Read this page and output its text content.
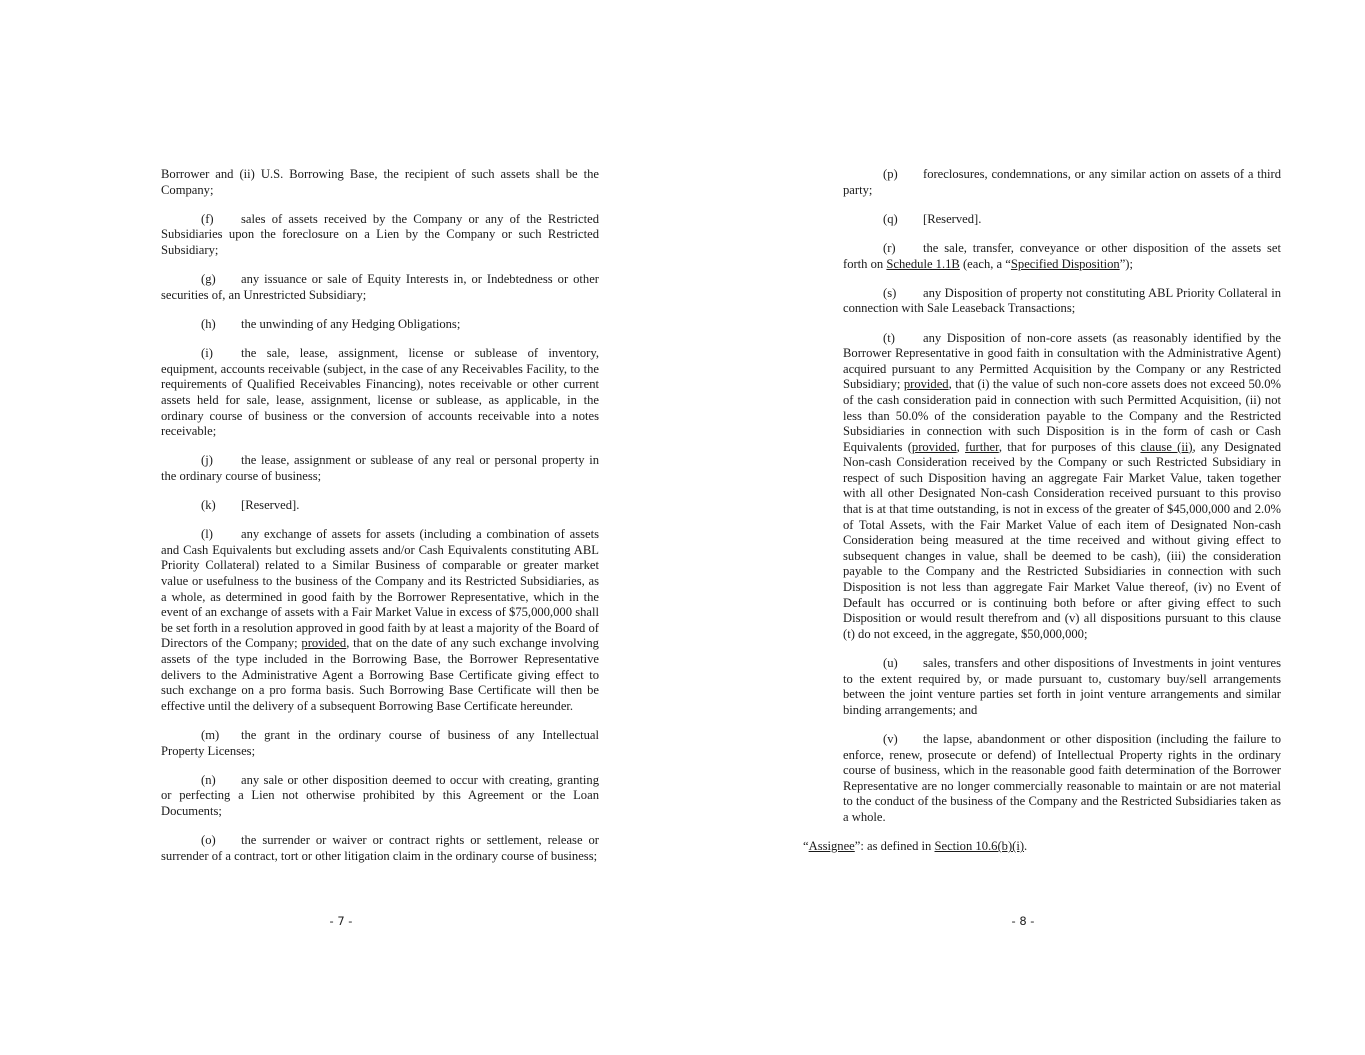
Borrower and (ii) U.S. Borrowing Base, the recipient of such assets shall be the Company;

(f) sales of assets received by the Company or any of the Restricted Subsidiaries upon the foreclosure on a Lien by the Company or such Restricted Subsidiary;

(g) any issuance or sale of Equity Interests in, or Indebtedness or other securities of, an Unrestricted Subsidiary;

(h) the unwinding of any Hedging Obligations;

(i) the sale, lease, assignment, license or sublease of inventory, equipment, accounts receivable (subject, in the case of any Receivables Facility, to the requirements of Qualified Receivables Financing), notes receivable or other current assets held for sale, lease, assignment, license or sublease, as applicable, in the ordinary course of business or the conversion of accounts receivable into a notes receivable;

(j) the lease, assignment or sublease of any real or personal property in the ordinary course of business;

(k) [Reserved].

(l) any exchange of assets for assets (including a combination of assets and Cash Equivalents but excluding assets and/or Cash Equivalents constituting ABL Priority Collateral) related to a Similar Business of comparable or greater market value or usefulness to the business of the Company and its Restricted Subsidiaries, as a whole, as determined in good faith by the Borrower Representative, which in the event of an exchange of assets with a Fair Market Value in excess of $75,000,000 shall be set forth in a resolution approved in good faith by at least a majority of the Board of Directors of the Company; provided, that on the date of any such exchange involving assets of the type included in the Borrowing Base, the Borrower Representative delivers to the Administrative Agent a Borrowing Base Certificate giving effect to such exchange on a pro forma basis. Such Borrowing Base Certificate will then be effective until the delivery of a subsequent Borrowing Base Certificate hereunder.

(m) the grant in the ordinary course of business of any Intellectual Property Licenses;

(n) any sale or other disposition deemed to occur with creating, granting or perfecting a Lien not otherwise prohibited by this Agreement or the Loan Documents;

(o) the surrender or waiver or contract rights or settlement, release or surrender of a contract, tort or other litigation claim in the ordinary course of business;

- 7 -

(p) foreclosures, condemnations, or any similar action on assets of a third party;

(q) [Reserved].

(r) the sale, transfer, conveyance or other disposition of the assets set forth on Schedule 1.1B (each, a “Specified Disposition”);

(s) any Disposition of property not constituting ABL Priority Collateral in connection with Sale Leaseback Transactions;

(t) any Disposition of non-core assets (as reasonably identified by the Borrower Representative in good faith in consultation with the Administrative Agent) acquired pursuant to any Permitted Acquisition by the Company or any Restricted Subsidiary; provided, that (i) the value of such non-core assets does not exceed 50.0% of the cash consideration paid in connection with such Permitted Acquisition, (ii) not less than 50.0% of the consideration payable to the Company and the Restricted Subsidiaries in connection with such Disposition is in the form of cash or Cash Equivalents (provided, further, that for purposes of this clause (ii), any Designated Non-cash Consideration received by the Company or such Restricted Subsidiary in respect of such Disposition having an aggregate Fair Market Value, taken together with all other Designated Non-cash Consideration received pursuant to this proviso that is at that time outstanding, is not in excess of the greater of $45,000,000 and 2.0% of Total Assets, with the Fair Market Value of each item of Designated Non-cash Consideration being measured at the time received and without giving effect to subsequent changes in value, shall be deemed to be cash), (iii) the consideration payable to the Company and the Restricted Subsidiaries in connection with such Disposition is not less than aggregate Fair Market Value thereof, (iv) no Event of Default has occurred or is continuing both before or after giving effect to such Disposition or would result therefrom and (v) all dispositions pursuant to this clause (t) do not exceed, in the aggregate, $50,000,000;

(u) sales, transfers and other dispositions of Investments in joint ventures to the extent required by, or made pursuant to, customary buy/sell arrangements between the joint venture parties set forth in joint venture arrangements and similar binding arrangements; and

(v) the lapse, abandonment or other disposition (including the failure to enforce, renew, prosecute or defend) of Intellectual Property rights in the ordinary course of business, which in the reasonable good faith determination of the Borrower Representative are no longer commercially reasonable to maintain or are not material to the conduct of the business of the Company and the Restricted Subsidiaries taken as a whole.

“Assignee”: as defined in Section 10.6(b)(i).

- 8 -
